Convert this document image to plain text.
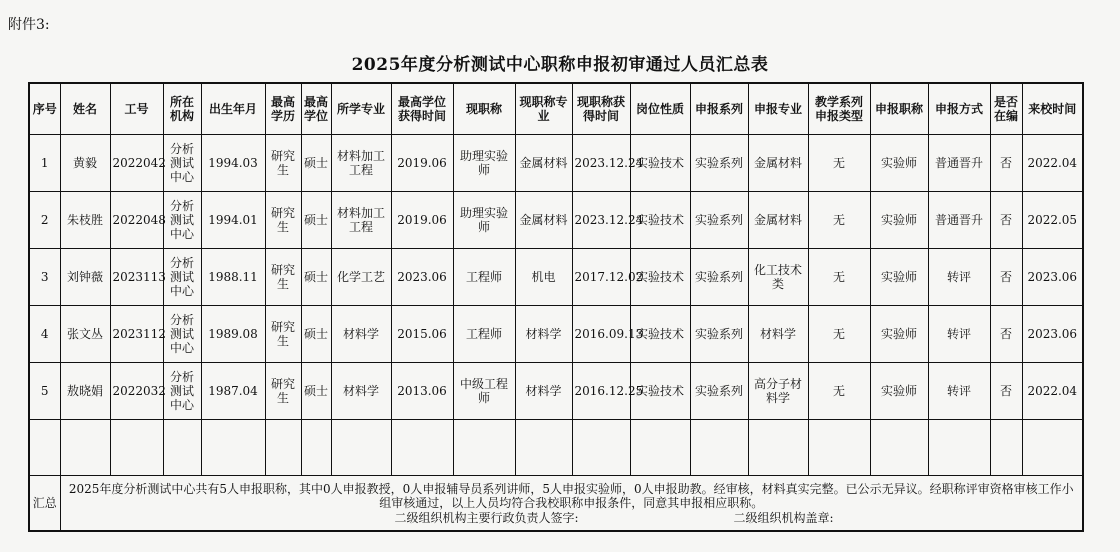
附件3:
2025年度分析测试中心职称申报初审通过人员汇总表
序号	姓名	工号	所在机构	出生年月	最高学历	最高学位	所学专业	最高学位获得时间	现职称	现职称专业	现职称获得时间	岗位性质	申报系列	申报专业	教学系列申报类型	申报职称	申报方式	是否在编	来校时间
1	黄毅	2022042	分析测试中心	1994.03	研究生	硕士	材料加工工程	2019.06	助理实验师	金属材料	2023.12.24	实验技术	实验系列	金属材料	无	实验师	普通晋升	否	2022.04
2	朱枝胜	2022048	分析测试中心	1994.01	研究生	硕士	材料加工工程	2019.06	助理实验师	金属材料	2023.12.24	实验技术	实验系列	金属材料	无	实验师	普通晋升	否	2022.05
3	刘钟薇	2023113	分析测试中心	1988.11	研究生	硕士	化学工艺	2023.06	工程师	机电	2017.12.02	实验技术	实验系列	化工技术类	无	实验师	转评	否	2023.06
4	张文丛	2023112	分析测试中心	1989.08	研究生	硕士	材料学	2015.06	工程师	材料学	2016.09.13	实验技术	实验系列	材料学	无	实验师	转评	否	2023.06
5	敖晓娟	2022032	分析测试中心	1987.04	研究生	硕士	材料学	2013.06	中级工程师	材料学	2016.12.25	实验技术	实验系列	高分子材料学	无	实验师	转评	否	2022.04

汇总	2025年度分析测试中心共有5人申报职称，其中0人申报教授，0人申报辅导员系列讲师，5人申报实验师，0人申报助教。经审核，材料真实完整。已公示无异议。经职称评审资格审核工作小组审核通过，以上人员均符合我校职称申报条件，同意其申报相应职称。
二级组织机构主要行政负责人签字: 二级组织机构盖章:																		
